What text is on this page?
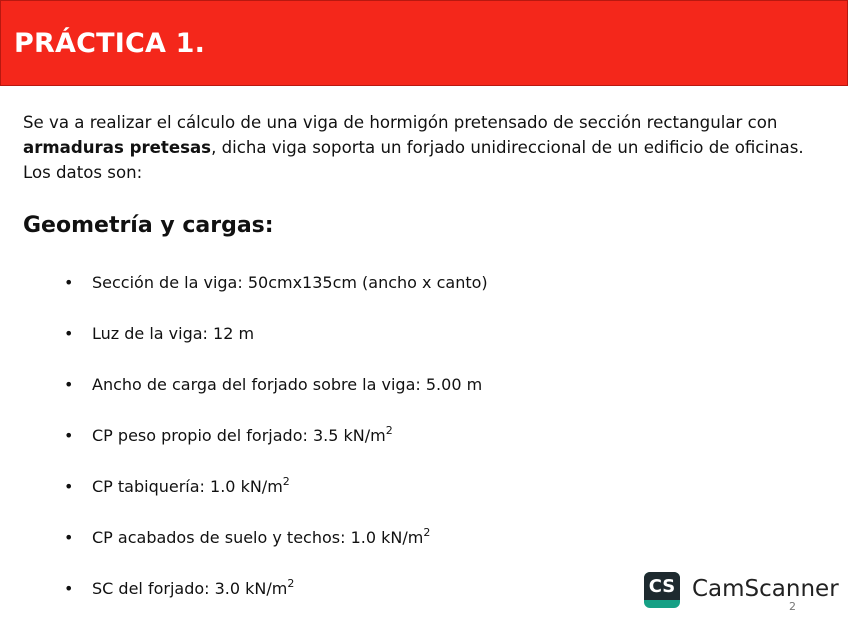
PRÁCTICA 1.

Se va a realizar el cálculo de una viga de hormigón pretensado de sección rectangular con armaduras pretesas, dicha viga soporta un forjado unidireccional de un edificio de oficinas. Los datos son:

Geometría y cargas:
• Sección de la viga: 50cmx135cm (ancho x canto)
• Luz de la viga: 12 m
• Ancho de carga del forjado sobre la viga: 5.00 m
• CP peso propio del forjado: 3.5 $kN/m^2$
• CP tabiquería: 1.0 $kN/m^2$
• CP acabados de suelo y techos: 1.0 $kN/m^2$
• SC del forjado: 3.0 $kN/m^2$	CS CamScanner
2
